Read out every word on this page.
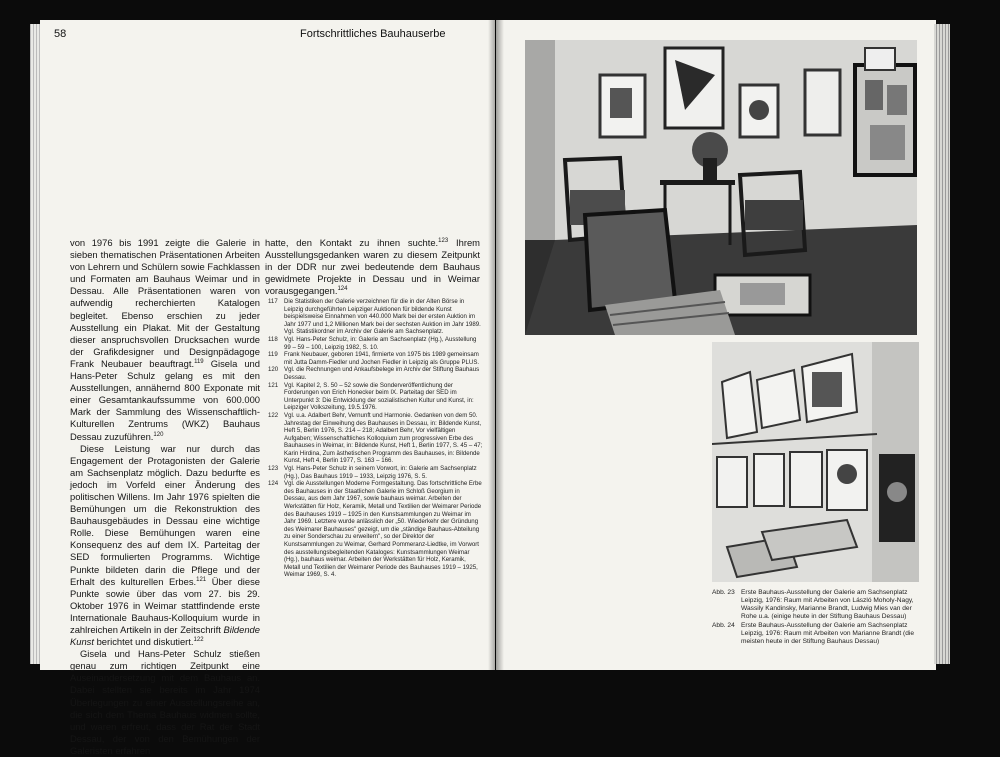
58	Fortschrittliches Bauhauserbe

von 1976 bis 1991 zeigte die Galerie in sieben thematischen Präsentationen Arbeiten von Lehrern und Schülern sowie Fachklassen und Formaten am Bauhaus Weimar und in Dessau. Alle Präsentationen waren von aufwendig recherchierten Katalogen begleitet. Ebenso erschien zu jeder Ausstellung ein Plakat. Mit der Gestaltung dieser anspruchsvollen Drucksachen wurde der Grafikdesigner und Designpädagoge Frank Neubauer beauftragt.$^{119}$ Gisela und Hans-Peter Schulz gelang es mit den Ausstellungen, annähernd 800 Exponate mit einer Gesamtankaufssumme von 600.000 Mark der Sammlung des Wissenschaftlich-Kulturellen Zentrums (WKZ) Bauhaus Dessau zuzuführen.$^{120}$

Diese Leistung war nur durch das Engagement der Protagonisten der Galerie am Sachsenplatz möglich. Dazu bedurfte es jedoch im Vorfeld einer Änderung des politischen Willens. Im Jahr 1976 spielten die Bemühungen um die Rekonstruktion des Bauhausgebäudes in Dessau eine wichtige Rolle. Diese Bemühungen waren eine Konsequenz des auf dem IX. Parteitag der SED formulierten Programms. Wichtige Punkte bildeten darin die Pflege und der Erhalt des kulturellen Erbes.$^{121}$ Über diese Punkte sowie über das vom 27. bis 29. Oktober 1976 in Weimar stattfindende erste Internationale Bauhaus-Kolloquium wurde in zahlreichen Artikeln in der Zeitschrift Bildende Kunst berichtet und diskutiert.$^{122}$

Gisela und Hans-Peter Schulz stießen genau zum richtigen Zeitpunkt eine Auseinandersetzung mit dem Bauhaus an. Dabei stellten sie bereits im Jahr 1974 Überlegungen zu einer Ausstellungsreihe an, die sich dem Thema Bauhaus widmen sollte, und waren erfreut, dass der Rat der Stadt Dessau, der von den Bemühungen der Galeristen erfahren

hatte, den Kontakt zu ihnen suchte.$^{123}$ Ihrem Ausstellungsgedanken waren zu diesem Zeitpunkt in der DDR nur zwei bedeutende dem Bauhaus gewidmete Projekte in Dessau und in Weimar vorausgegangen.$^{124}$

117	Die Statistiken der Galerie verzeichnen für die in der Alten Börse in Leipzig durchgeführten Leipziger Auktionen für bildende Kunst beispielsweise Einnahmen von 440.000 Mark bei der ersten Auktion im Jahr 1977 und 1,2 Millionen Mark bei der sechsten Auktion im Jahr 1989. Vgl. Statistikordner im Archiv der Galerie am Sachsenplatz.
118	Vgl. Hans-Peter Schulz, in: Galerie am Sachsenplatz (Hg.), Ausstellung 99 – 59 – 100, Leipzig 1982, S. 10.
119	Frank Neubauer, geboren 1941, firmierte von 1975 bis 1989 gemeinsam mit Jutta Damm-Fiedler und Jochen Fiedler in Leipzig als Gruppe PLUS.
120 Vgl. die Rechnungen und Ankaufsbelege im Archiv der Stiftung Bauhaus Dessau.
121 Vgl. Kapitel 2, S. 50 – 52 sowie die Sonderveröffentlichung der Forderungen von Erich Honecker beim IX. Parteitag der SED im Unterpunkt 3: Die Entwicklung der sozialistischen Kultur und Kunst, in: Leipziger Volkszeitung, 19.5.1976.
122 Vgl. u.a. Adalbert Behr, Vernunft und Harmonie. Gedanken von dem 50. Jahrestag der Einweihung des Bauhauses in Dessau, in: Bildende Kunst, Heft 5, Berlin 1976, S. 214 – 218; Adalbert Behr, Vor vielfältigen Aufgaben; Wissenschaftliches Kolloquium zum progressiven Erbe des Bauhauses in Weimar, in: Bildende Kunst, Heft 1, Berlin 1977, S. 45 – 47; Karin Hirdina, Zum ästhetischen Programm des Bauhauses, in: Bildende Kunst, Heft 4, Berlin 1977, S. 163 – 166.
123 Vgl. Hans-Peter Schulz in seinem Vorwort, in: Galerie am Sachsenplatz (Hg.), Das Bauhaus 1919 – 1933, Leipzig 1976, S. 5.
124 Vgl. die Ausstellungen Moderne Formgestaltung. Das fortschrittliche Erbe des Bauhauses in der Staatlichen Galerie im Schloß Georgium in Dessau, aus dem Jahr 1967, sowie bauhaus weimar. Arbeiten der Werkstätten für Holz, Keramik, Metall und Textilien der Weimarer Periode des Bauhauses 1919 – 1925 in den Kunstsammlungen zu Weimar im Jahr 1969. Letztere wurde anlässlich der „50. Wiederkehr der Gründung des Weimarer Bauhauses" gezeigt, um die „ständige Bauhaus-Abteilung zu einer Sonderschau zu erweitern", so der Direktor der Kunstsammlungen zu Weimar, Gerhard Pommeranz-Liedtke, im Vorwort des ausstellungsbegleitenden Kataloges: Kunstsammlungen Weimar (Hg.), bauhaus weimar. Arbeiten der Werkstätten für Holz, Keramik, Metall und Textilien der Weimarer Periode des Bauhauses 1919 – 1925, Weimar 1969, S. 4.
Abb. 23 Erste Bauhaus-Ausstellung der Galerie am Sachsenplatz Leipzig, 1976: Raum mit Arbeiten von László Moholy-Nagy, Wassily Kandinsky, Marianne Brandt, Ludwig Mies van der Rohe u.a. (einige heute in der Stiftung Bauhaus Dessau)
Abb. 24 Erste Bauhaus-Ausstellung der Galerie am Sachsenplatz Leipzig, 1976: Raum mit Arbeiten von Marianne Brandt (die meisten heute in der Stiftung Bauhaus Dessau)
